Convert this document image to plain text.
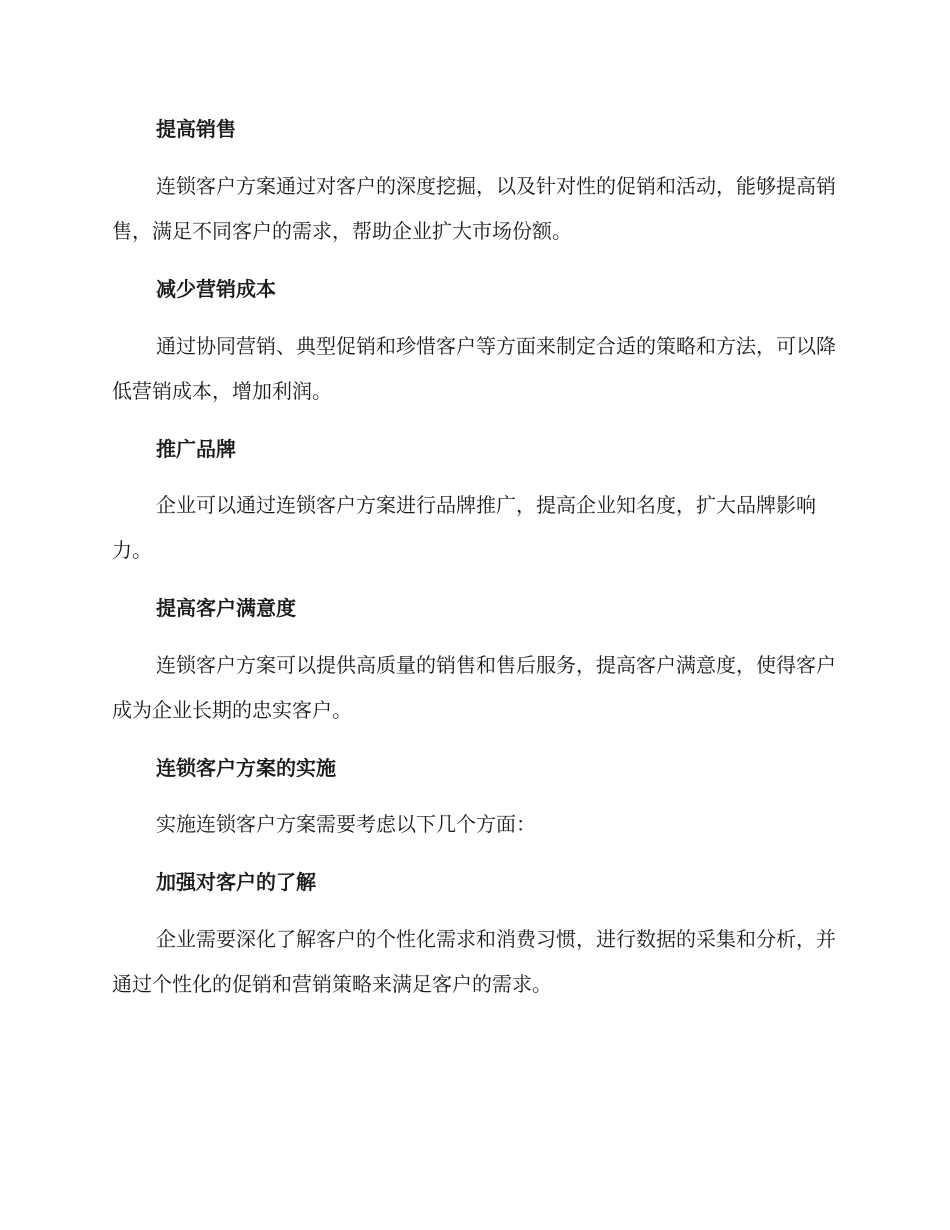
提高销售

连锁客户方案通过对客户的深度挖掘，以及针对性的促销和活动，能够提高销售，满足不同客户的需求，帮助企业扩大市场份额。

减少营销成本

通过协同营销、典型促销和珍惜客户等方面来制定合适的策略和方法，可以降低营销成本，增加利润。

推广品牌

企业可以通过连锁客户方案进行品牌推广，提高企业知名度，扩大品牌影响力。

提高客户满意度

连锁客户方案可以提供高质量的销售和售后服务，提高客户满意度，使得客户成为企业长期的忠实客户。

连锁客户方案的实施

实施连锁客户方案需要考虑以下几个方面：

加强对客户的了解

企业需要深化了解客户的个性化需求和消费习惯，进行数据的采集和分析，并通过个性化的促销和营销策略来满足客户的需求。
